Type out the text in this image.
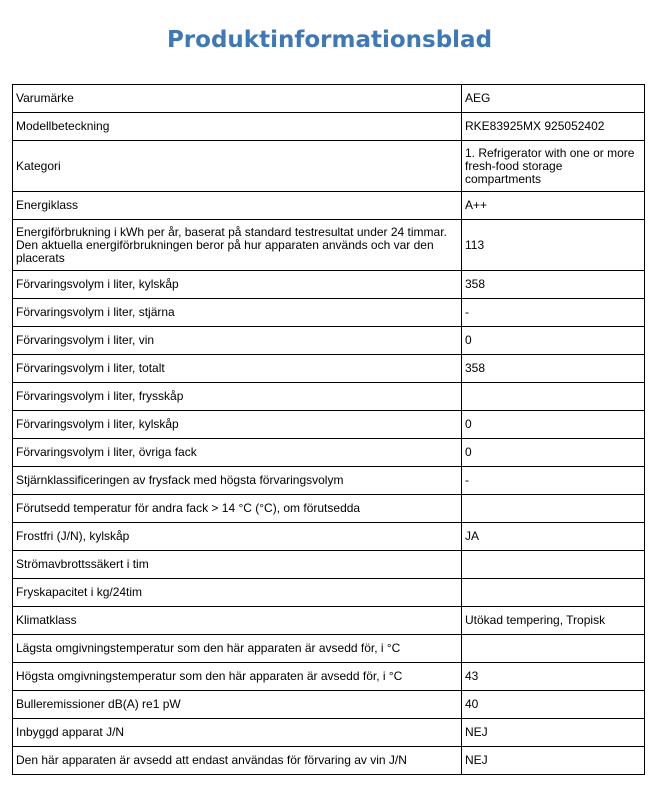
Produktinformationsblad
Varumärke	AEG
Modellbeteckning	RKE83925MX 925052402
Kategori	1. Refrigerator with one or more fresh-food storage compartments
Energiklass	A++
Energiförbrukning i kWh per år, baserat på standard testresultat under 24 timmar. Den aktuella energiförbrukningen beror på hur apparaten används och var den placerats	113
Förvaringsvolym i liter, kylskåp	358
Förvaringsvolym i liter, stjärna	-
Förvaringsvolym i liter, vin	0
Förvaringsvolym i liter, totalt	358
Förvaringsvolym i liter, frysskåp	
Förvaringsvolym i liter, kylskåp	0
Förvaringsvolym i liter, övriga fack	0
Stjärnklassificeringen av frysfack med högsta förvaringsvolym	-
Förutsedd temperatur för andra fack > 14 °C (°C), om förutsedda	
Frostfri (J/N), kylskåp	JA
Strömavbrottssäkert i tim	
Fryskapacitet i kg/24tim	
Klimatklass	Utökad tempering, Tropisk
Lägsta omgivningstemperatur som den här apparaten är avsedd för, i °C	
Högsta omgivningstemperatur som den här apparaten är avsedd för, i °C	43
Bulleremissioner dB(A) re1 pW	40
Inbyggd apparat J/N	NEJ
Den här apparaten är avsedd att endast användas för förvaring av vin J/N	NEJ
